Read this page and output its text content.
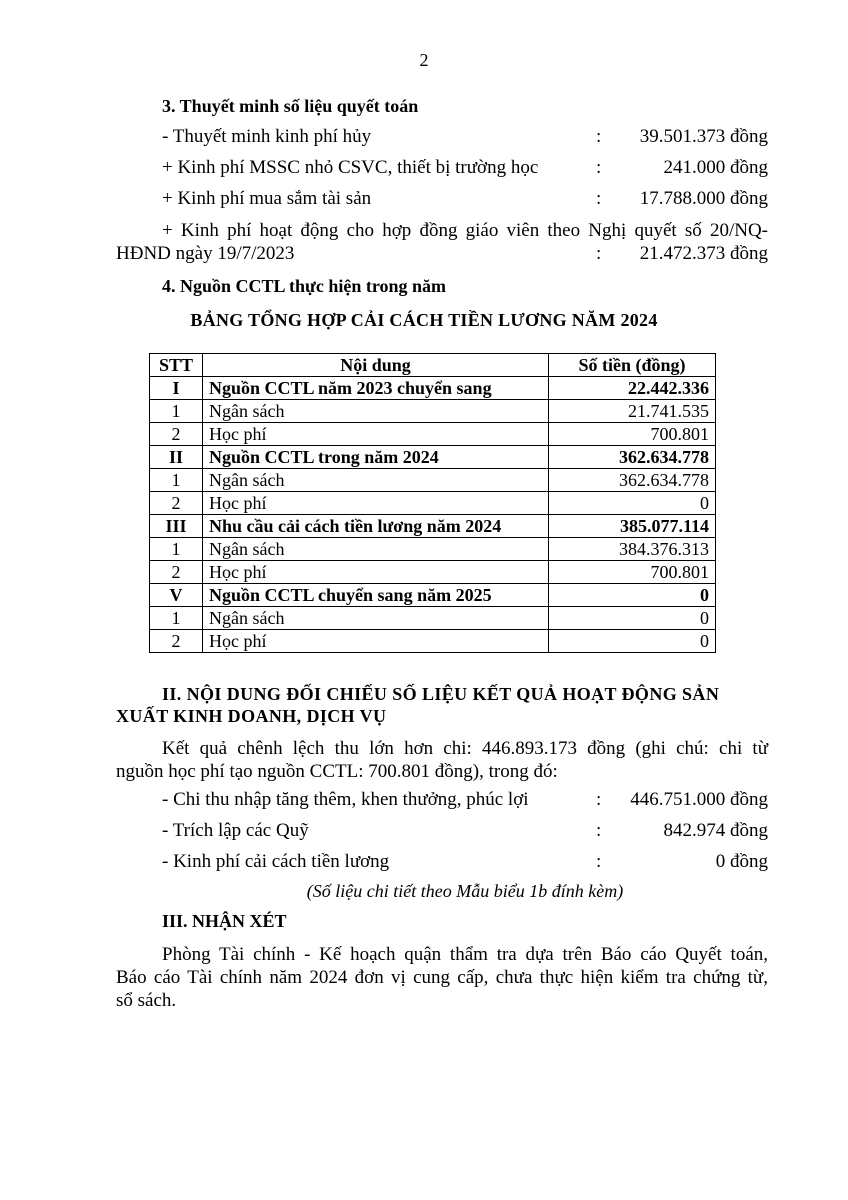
2
3. Thuyết minh số liệu quyết toán
- Thuyết minh kinh phí hủy	: 39.501.373 đồng
+ Kinh phí MSSC nhỏ CSVC, thiết bị trường học	:	241.000 đồng
+ Kinh phí mua sắm tài sản	: 17.788.000 đồng
+ Kinh phí hoạt động cho hợp đồng giáo viên theo Nghị quyết số 20/NQ-
HĐND ngày 19/7/2023	: 21.472.373 đồng
4. Nguồn CCTL thực hiện trong năm
BẢNG TỔNG HỢP CẢI CÁCH TIỀN LƯƠNG NĂM 2024
STT	Nội dung	Số tiền (đồng)
I	Nguồn CCTL năm 2023 chuyển sang	22.442.336
1	Ngân sách	21.741.535
2	Học phí	700.801
II	Nguồn CCTL trong năm 2024	362.634.778
1	Ngân sách	362.634.778
2	Học phí	0
III	Nhu cầu cải cách tiền lương năm 2024	385.077.114
1	Ngân sách	384.376.313
2	Học phí	700.801
V	Nguồn CCTL chuyển sang năm 2025	0
1	Ngân sách	0
2	Học phí	0
II. NỘI DUNG ĐỐI CHIẾU SỐ LIỆU KẾT QUẢ HOẠT ĐỘNG SẢN
XUẤT KINH DOANH, DỊCH VỤ
Kết quả chênh lệch thu lớn hơn chi: 446.893.173 đồng (ghi chú: chi từ
nguồn học phí tạo nguồn CCTL: 700.801 đồng), trong đó:
- Chi thu nhập tăng thêm, khen thưởng, phúc lợi	: 446.751.000 đồng
- Trích lập các Quỹ	:	842.974 đồng
- Kinh phí cải cách tiền lương	:	0 đồng
(Số liệu chi tiết theo Mẫu biểu 1b đính kèm)
III. NHẬN XÉT
Phòng Tài chính - Kế hoạch quận thẩm tra dựa trên Báo cáo Quyết toán,
Báo cáo Tài chính năm 2024 đơn vị cung cấp, chưa thực hiện kiểm tra chứng từ,
sổ sách.
